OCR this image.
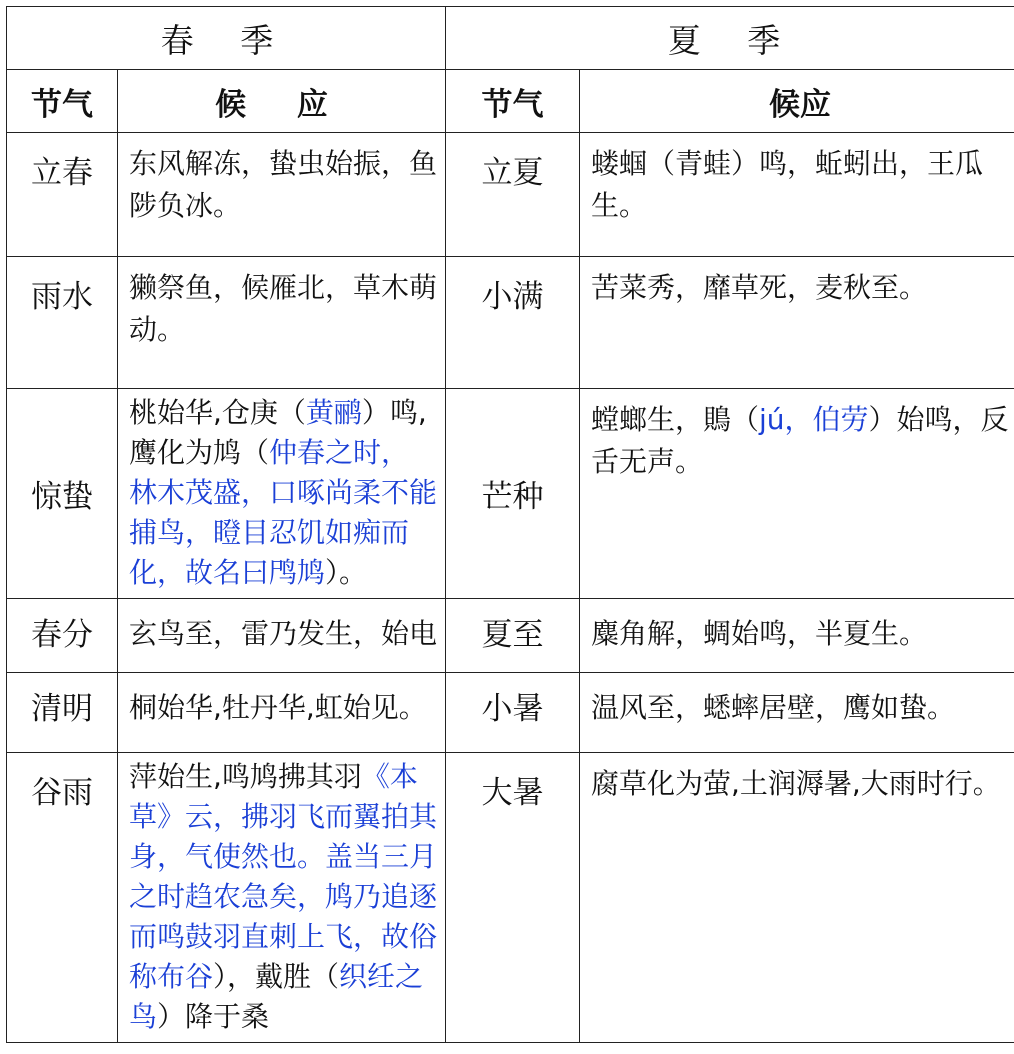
春 季		夏 季	
节气	候 应	节气	候应
立春	东风解冻，蛰虫始振，鱼陟负冰。	立夏	蝼蝈（青蛙）鸣，蚯蚓出，王瓜生。
雨水	獭祭鱼，候雁北，草木萌动。	小满	苦菜秀，靡草死，麦秋至。
惊蛰	桃始华,仓庚（黄鹂）鸣,鹰化为鸠（仲春之时，林木茂盛，口啄尚柔不能捕鸟，瞪目忍饥如痴而化，故名曰鸤鸠）。	芒种	螳螂生，鵙（jú，伯劳）始鸣，反舌无声。
春分	玄鸟至，雷乃发生，始电	夏至	麋角解，蜩始鸣，半夏生。
清明	桐始华,牡丹华,虹始见。	小暑	温风至，蟋蟀居壁，鹰如蛰。
谷雨	萍始生,鸣鸠拂其羽《本草》云，拂羽飞而翼拍其身，气使然也。盖当三月之时趋农急矣，鸠乃追逐而鸣鼓羽直刺上飞，故俗称布谷），戴胜（织纴之鸟）降于桑	大暑	腐草化为萤,土润溽暑,大雨时行。
